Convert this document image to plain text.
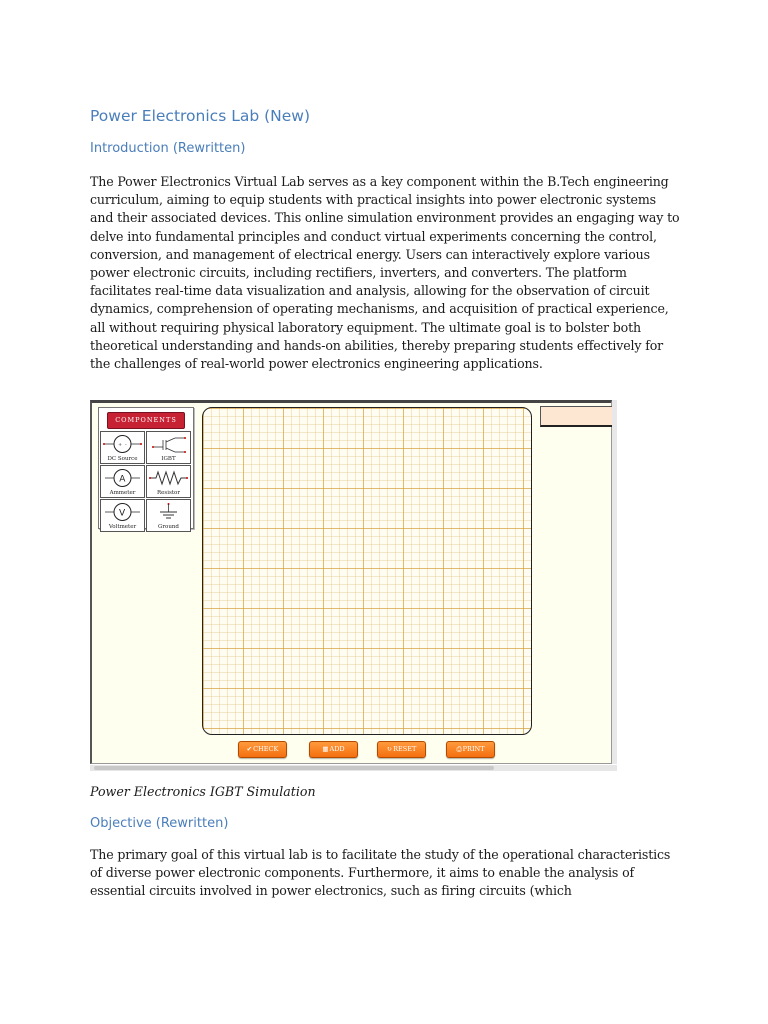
Power Electronics Lab (New)
Introduction (Rewritten)

The Power Electronics Virtual Lab serves as a key component within the B.Tech engineering curriculum, aiming to equip students with practical insights into power electronic systems and their associated devices. This online simulation environment provides an engaging way to delve into fundamental principles and conduct virtual experiments concerning the control, conversion, and management of electrical energy. Users can interactively explore various power electronic circuits, including rectifiers, inverters, and converters. The platform facilitates real-time data visualization and analysis, allowing for the observation of circuit dynamics, comprehension of operating mechanisms, and acquisition of practical experience, all without requiring physical laboratory equipment. The ultimate goal is to bolster both theoretical understanding and hands-on abilities, thereby preparing students effectively for the challenges of real-world power electronics engineering applications.

COMPONENTS
+ -
DC Source	IGBT
A
Ammeter	Resistor
V
Voltmeter	Ground
✔CHECK	▦ADD	↻RESET	⎙PRINT

Power Electronics IGBT Simulation

Objective (Rewritten)

The primary goal of this virtual lab is to facilitate the study of the operational characteristics of diverse power electronic components. Furthermore, it aims to enable the analysis of essential circuits involved in power electronics, such as firing circuits (which
